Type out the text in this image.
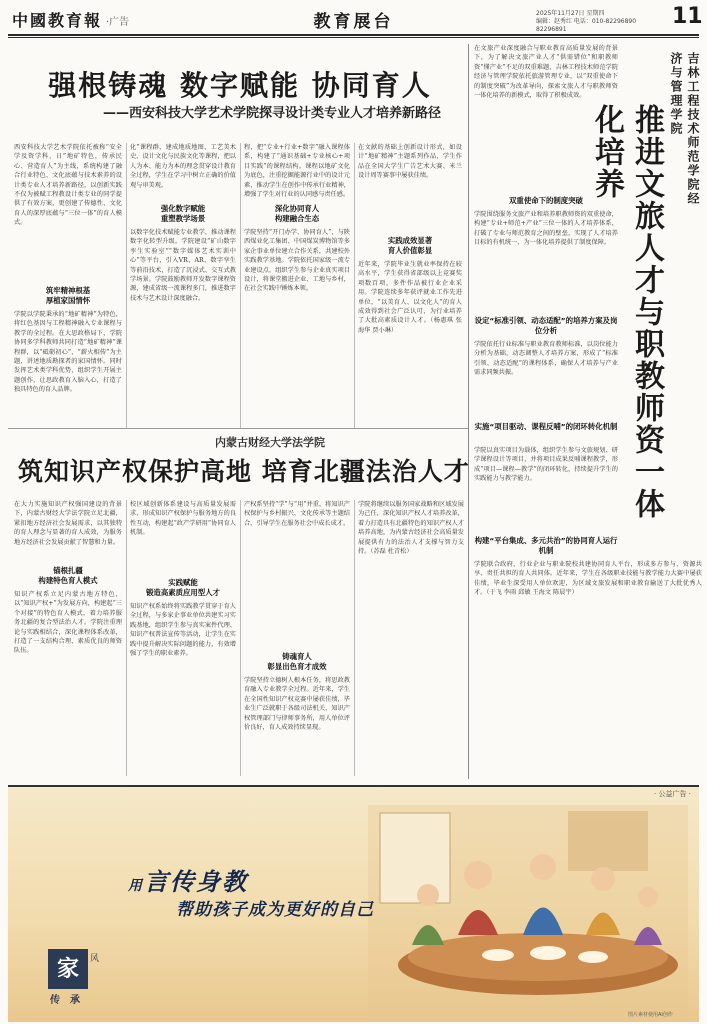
中國教育報 ·广告	教育展台	2025年11月27日 星期四
编辑：赵秀红 电话：010-82296890 82296891
11
强根铸魂 数字赋能 协同育人
——西安科技大学艺术学院探寻设计类专业人才培养新路径
西安科技大学艺术学院依托被称“安全学及资学科、日”地矿特色，传承民心、营造育人”为主线，系统构建了融合行业特色、文化底蕴与技术素养的设计类专业人才培养新路径，以创新实践不仅为被赋工程教设计类专业的同学提供了有效方案，更创建了传德性、文化育人的深厚底蕴与“三位一体”的育人模式。
筑牢精神根基
厚植家国情怀
学院以学院秉承的“地矿精神”为特色，将红色基因与工程精神融入专业课程与教学的全过程。在大思政格局下，学院协同多学科教师共同打造“地矿精神”课程群，以“砥砺初心”、“薪火相传”为主题，讲述地质勘探者的家国情怀。同时发挥艺术类学科优势，组织学生开展主题创作，让思政教育入脑入心，打造了独具特色的育人品牌。
化”课程群，建成地质地图、工艺美术史、设计文化与民族文化等课程，把以人为本、能力为本的理念贯穿设计教育全过程，学生在学习中树立正确的价值观与审美观。
强化数字赋能
重塑教学场景
以数字化技术赋能专业教学，推动课程数字化转型升级。学院建设“矿山数字孪生实验室”“数字媒体艺术实训中心”等平台，引入VR、AR、数字孪生等前沿技术，打造了沉浸式、交互式教学场景。学院鼓励教师开发数字课程资源，建成省级一流课程多门，推进数字技术与艺术设计深度融合。
程，把“专业+行业+数字”融入课程体系，构建了“通识基础+专业核心+项目实践”的课程结构。课程以地矿文化为底色，注重挖掘能源行业中的设计元素，推动学生在创作中传承行业精神，增强了学生对行业的认同感与责任感。
深化协同育人
构建融合生态
学院坚持“开门办学、协同育人”，与陕西煤业化工集团、中国煤炭博物馆等多家企事业单位建立合作关系，共建校外实践教学基地。学院依托国家级一流专业建设点，组织学生参与企业真实项目设计，将课堂搬进企业、工地与乡村，在社会实践中锤炼本领。
在文献的基础上创新设计形式，如设计“地矿精神”主题系列作品，学生作品在全国大学生广告艺术大赛、米兰设计周等赛事中屡获佳绩。
实践成效显著
育人价值彰显
近年来，学院毕业生就业率保持在较高水平，学生获得省部级以上竞赛奖项数百项，多件作品被行业企业采用。学院连续多年获评就业工作先进单位，“以美育人、以文化人”的育人成效得到社会广泛认可，为行业培养了大批高素质设计人才。（杨惠琪 张海华 贾小琳）
在文旅产业深度融合与职业教育高质量发展的背景下，为了解决文旅产业人才“供需错位”和职教师资“懂产业”不足的双重难题，吉林工程技术师范学院经济与管理学院依托旅游管理专业，以“双重使命下的制度突破”为改革导向，探索文旅人才与职教师资一体化培养的新模式，取得了积极成效。
双重使命下的制度突破
学院围绕服务文旅产业和培养职教师资的双重使命，构建“专业+师范+产业”三位一体的人才培养体系，打破了专业与师范教育之间的壁垒，实现了人才培养目标的有机统一，为一体化培养提供了制度保障。
设定“标准引领、动态适配”的培养方案及岗位分析
学院依托行业标准与职业教育教师标准，以岗位能力分析为基础，动态调整人才培养方案，形成了“标准引领、动态适配”的课程体系，确保人才培养与产业需求同频共振。
实施“项目驱动、课程反哺”的闭环转化机制
学院以真实项目为载体，组织学生参与文旅规划、研学课程设计等项目，并将项目成果反哺课程教学，形成“项目—课程—教学”的闭环转化，持续提升学生的实践能力与教学能力。
构建“平台集成、多元共治”的协同育人运行机制
学院联合政府、行业企业与职业院校共建协同育人平台，形成多方参与、资源共享、责任共担的育人共同体。近年来，学生在各级职业技能与教学能力大赛中屡获佳绩，毕业生深受用人单位欢迎，为区域文旅发展和职业教育输送了大批优秀人才。（于飞 李雨 邱敏 王海文 陈晨宇）
吉林工程技术师范学院经济与管理学院
推进文旅人才与职教师资一体化培养
内蒙古财经大学法学院
筑知识产权保护高地 培育北疆法治人才
在大力实施知识产权强国建设的背景下，内蒙古财经大学法学院立足北疆，紧扣地方经济社会发展需求，以其独特的育人理念与显著的育人成效，为服务地方经济社会发展贡献了智慧和力量。
锚根扎疆
构建特色育人模式
知识产权系立足内蒙古地方特色，以“知识产权+”为发展方向，构建起“三个对接”的特色育人模式，着力培养服务北疆的复合型法治人才。学院注重理论与实践相结合，深化课程体系改革，打造了一支结构合理、素质优良的师资队伍。
校区域创新体系建设与高质量发展需求，形成知识产权保护与服务地方的良性互动，构建起“政产学研用”协同育人机制。
实践赋能
锻造高素质应用型人才
知识产权系始终将实践教学贯穿于育人全过程，与多家企事业单位共建实习实践基地，组织学生参与真实案件代理、知识产权普法宣传等活动，让学生在实践中提升解决实际问题的能力，有效增强了学生的职业素养。
产权系坚持“学”与“用”并重，将知识产权保护与乡村振兴、文化传承等主题结合，引导学生在服务社会中成长成才。
铸魂育人
彰显出色育才成效
学院坚持立德树人根本任务，将思政教育融入专业教学全过程。近年来，学生在全国性知识产权竞赛中屡获佳绩，毕业生广泛就职于各级司法机关、知识产权管理部门与律师事务所，用人单位评价良好，育人成效持续显现。
学院将继续以服务国家战略和区域发展为己任，深化知识产权人才培养改革，着力打造具有北疆特色的知识产权人才培养高地，为内蒙古经济社会高质量发展提供有力的法治人才支撑与智力支持。（苏磊 杜青松）
· 公益广告 ·
用言传身教
帮助孩子成为更好的自己
家	风
传 承
图片素材使用AI创作
